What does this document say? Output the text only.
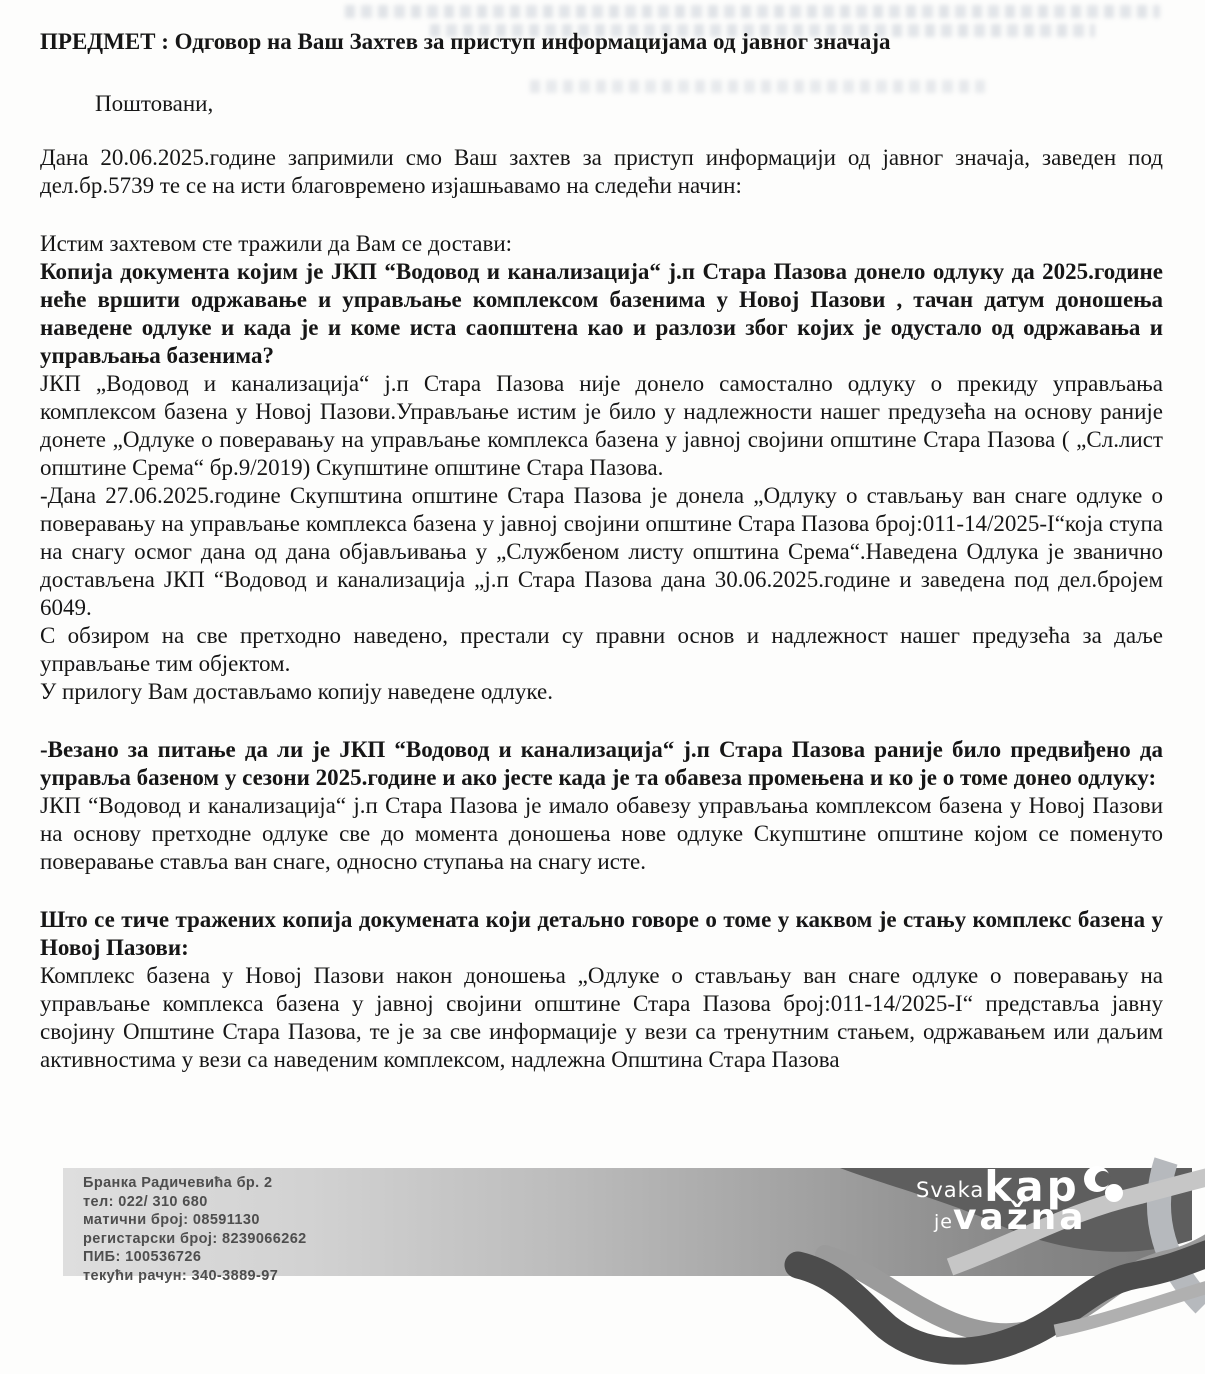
ПРЕДМЕТ : Одговор на Ваш Захтев за приступ информацијама од јавног значаја

Поштовани,

Дана 20.06.2025.године запримили смо Ваш захтев за приступ информацији од јавног значаја, заведен под дел.бр.5739 те се на исти благовремено изјашњавамо на следећи начин:

Истим захтевом сте тражили да Вам се достави:

Копија документа којим је ЈКП “Водовод и канализација“ ј.п Стара Пазова донело одлуку да 2025.године неће вршити одржавање и управљање комплексом базенима у Новој Пазови , тачан датум доношења наведене одлуке и када је и коме иста саопштена као и разлози због којих је одустало од одржавања и управљања базенима?

ЈКП „Водовод и канализација“ ј.п Стара Пазова није донело самостално одлуку о прекиду управљања комплексом базена у Новој Пазови.Управљање истим је било у надлежности нашег предузећа на основу раније донете „Одлуке о поверавању на управљање комплекса базена у јавној својини општине Стара Пазова ( „Сл.лист општине Срема“ бр.9/2019) Скупштине општине Стара Пазова.

-Дана 27.06.2025.године Скупштина општине Стара Пазова је донела „Одлуку о стављању ван снаге одлуке о поверавању на управљање комплекса базена у јавној својини општине Стара Пазова број:011-14/2025-I“која ступа на снагу осмог дана од дана објављивања у „Службеном листу општина Срема“.Наведена Одлука је званично достављена ЈКП “Водовод и канализација „ј.п Стара Пазова дана 30.06.2025.године и заведена под дел.бројем 6049.

С обзиром на све претходно наведено, престали су правни основ и надлежност нашег предузећа за даље управљање тим објектом.

У прилогу Вам достављамо копију наведене одлуке.

-Везано за питање да ли је ЈКП “Водовод и канализација“ ј.п Стара Пазова раније било предвиђено да управља базеном у сезони 2025.године и ако јесте када је та обавеза промењена и ко је о томе донео одлуку:

ЈКП “Водовод и канализација“ ј.п Стара Пазова је имало обавезу управљања комплексом базена у Новој Пазови на основу претходне одлуке све до момента доношења нове одлуке Скупштине општине којом се поменуто поверавање ставља ван снаге, односно ступања на снагу исте.

Што се тиче тражених копија докумената који детаљно говоре о томе у каквом је стању комплекс базена у Новој Пазови:

Комплекс базена у Новој Пазови након доношења „Одлуке о стављању ван снаге одлуке о поверавању на управљање комплекса базена у јавној својини општине Стара Пазова број:011-14/2025-I“ представља јавну својину Општине Стара Пазова, те је за све информације у вези са тренутним стањем, одржавањем или даљим активностима у вези са наведеним комплексом, надлежна Општина Стара Пазова

Бранка Радичевића бр. 2
тел: 022/ 310 680
матични број: 08591130
регистарски број: 8239066262
ПИБ: 100536726
текући рачун: 340-3889-97
Svaka kap
je važna
